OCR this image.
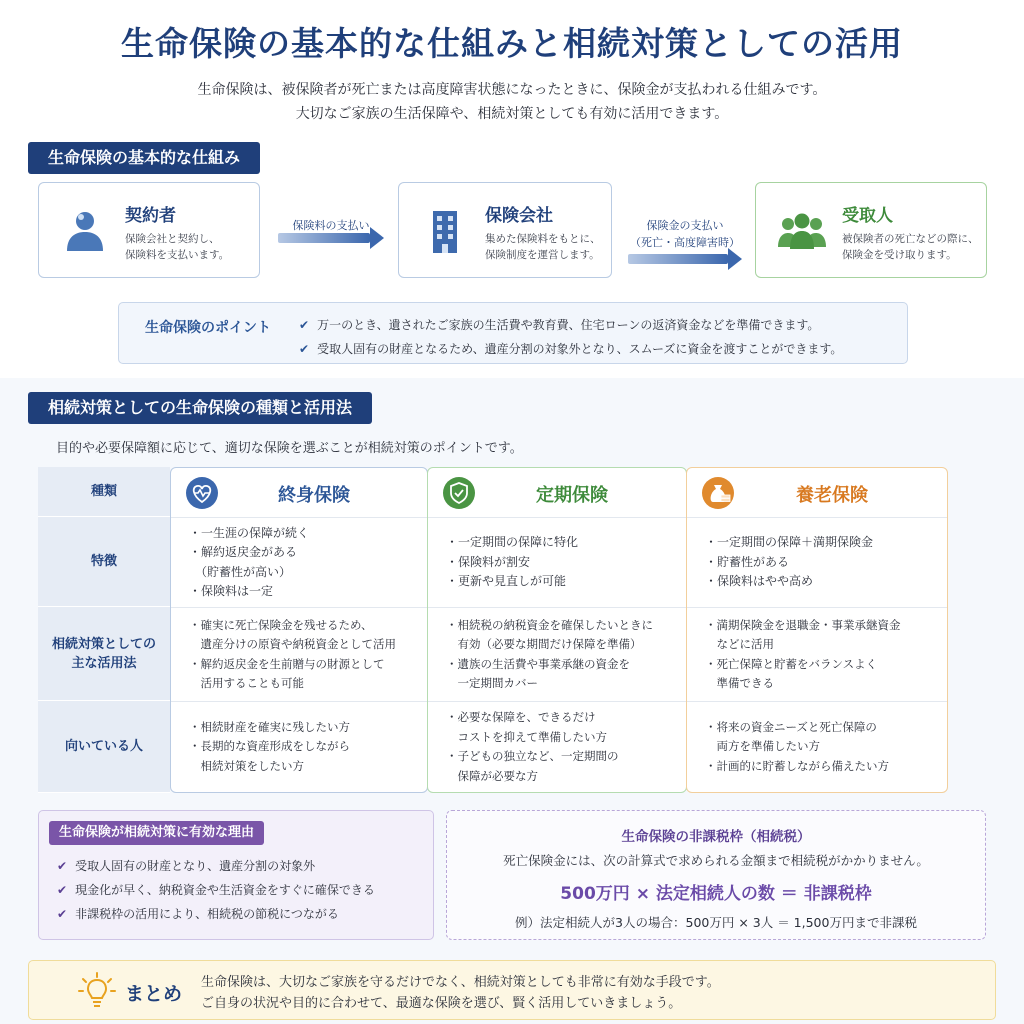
生命保険の基本的な仕組みと相続対策としての活用
生命保険は、被保険者が死亡または高度障害状態になったときに、保険金が支払われる仕組みです。
大切なご家族の生活保障や、相続対策としても有効に活用できます。
生命保険の基本的な仕組み
契約者
保険会社と契約し、
保険料を支払います。

保険料の支払い	保険会社
集めた保険料をもとに、
保険制度を運営します。

保険金の支払い
（死亡・高度障害時）

受取人
被保険者の死亡などの際に、
保険金を受け取ります。
生命保険のポイント ✔ 万一のとき、遺されたご家族の生活費や教育費、住宅ローンの返済資金などを準備できます。
✔ 受取人固有の財産となるため、遺産分割の対象外となり、スムーズに資金を渡すことができます。
相続対策としての生命保険の種類と活用法
目的や必要保障額に応じて、適切な保険を選ぶことが相続対策のポイントです。
種類
特徴
相続対策としての
主な活用法
向いている人
終身保険
・一生涯の保障が続く
・解約返戻金がある
　（貯蓄性が高い）
・保険料は一定
・確実に死亡保険金を残せるため、
　遺産分けの原資や納税資金として活用
・解約返戻金を生前贈与の財源として
　活用することも可能
・相続財産を確実に残したい方
・長期的な資産形成をしながら
　相続対策をしたい方
定期保険
・一定期間の保障に特化
・保険料が割安
・更新や見直しが可能
・相続税の納税資金を確保したいときに
　有効（必要な期間だけ保障を準備）
・遺族の生活費や事業承継の資金を
　一定期間カバー
・必要な保障を、できるだけ
　コストを抑えて準備したい方
・子どもの独立など、一定期間の
　保障が必要な方
養老保険
・一定期間の保障＋満期保険金
・貯蓄性がある
・保険料はやや高め
・満期保険金を退職金・事業承継資金
　などに活用
・死亡保障と貯蓄をバランスよく
　準備できる
・将来の資金ニーズと死亡保障の
　両方を準備したい方
・計画的に貯蓄しながら備えたい方
生命保険が相続対策に有効な理由
✔ 受取人固有の財産となり、遺産分割の対象外
✔ 現金化が早く、納税資金や生活資金をすぐに確保できる
✔ 非課税枠の活用により、相続税の節税につながる
生命保険の非課税枠（相続税）
死亡保険金には、次の計算式で求められる金額まで相続税がかかりません。
500万円 × 法定相続人の数 ＝ 非課税枠
例）法定相続人が3人の場合：500万円 × 3人 ＝ 1,500万円まで非課税
まとめ
生命保険は、大切なご家族を守るだけでなく、相続対策としても非常に有効な手段です。
ご自身の状況や目的に合わせて、最適な保険を選び、賢く活用していきましょう。
